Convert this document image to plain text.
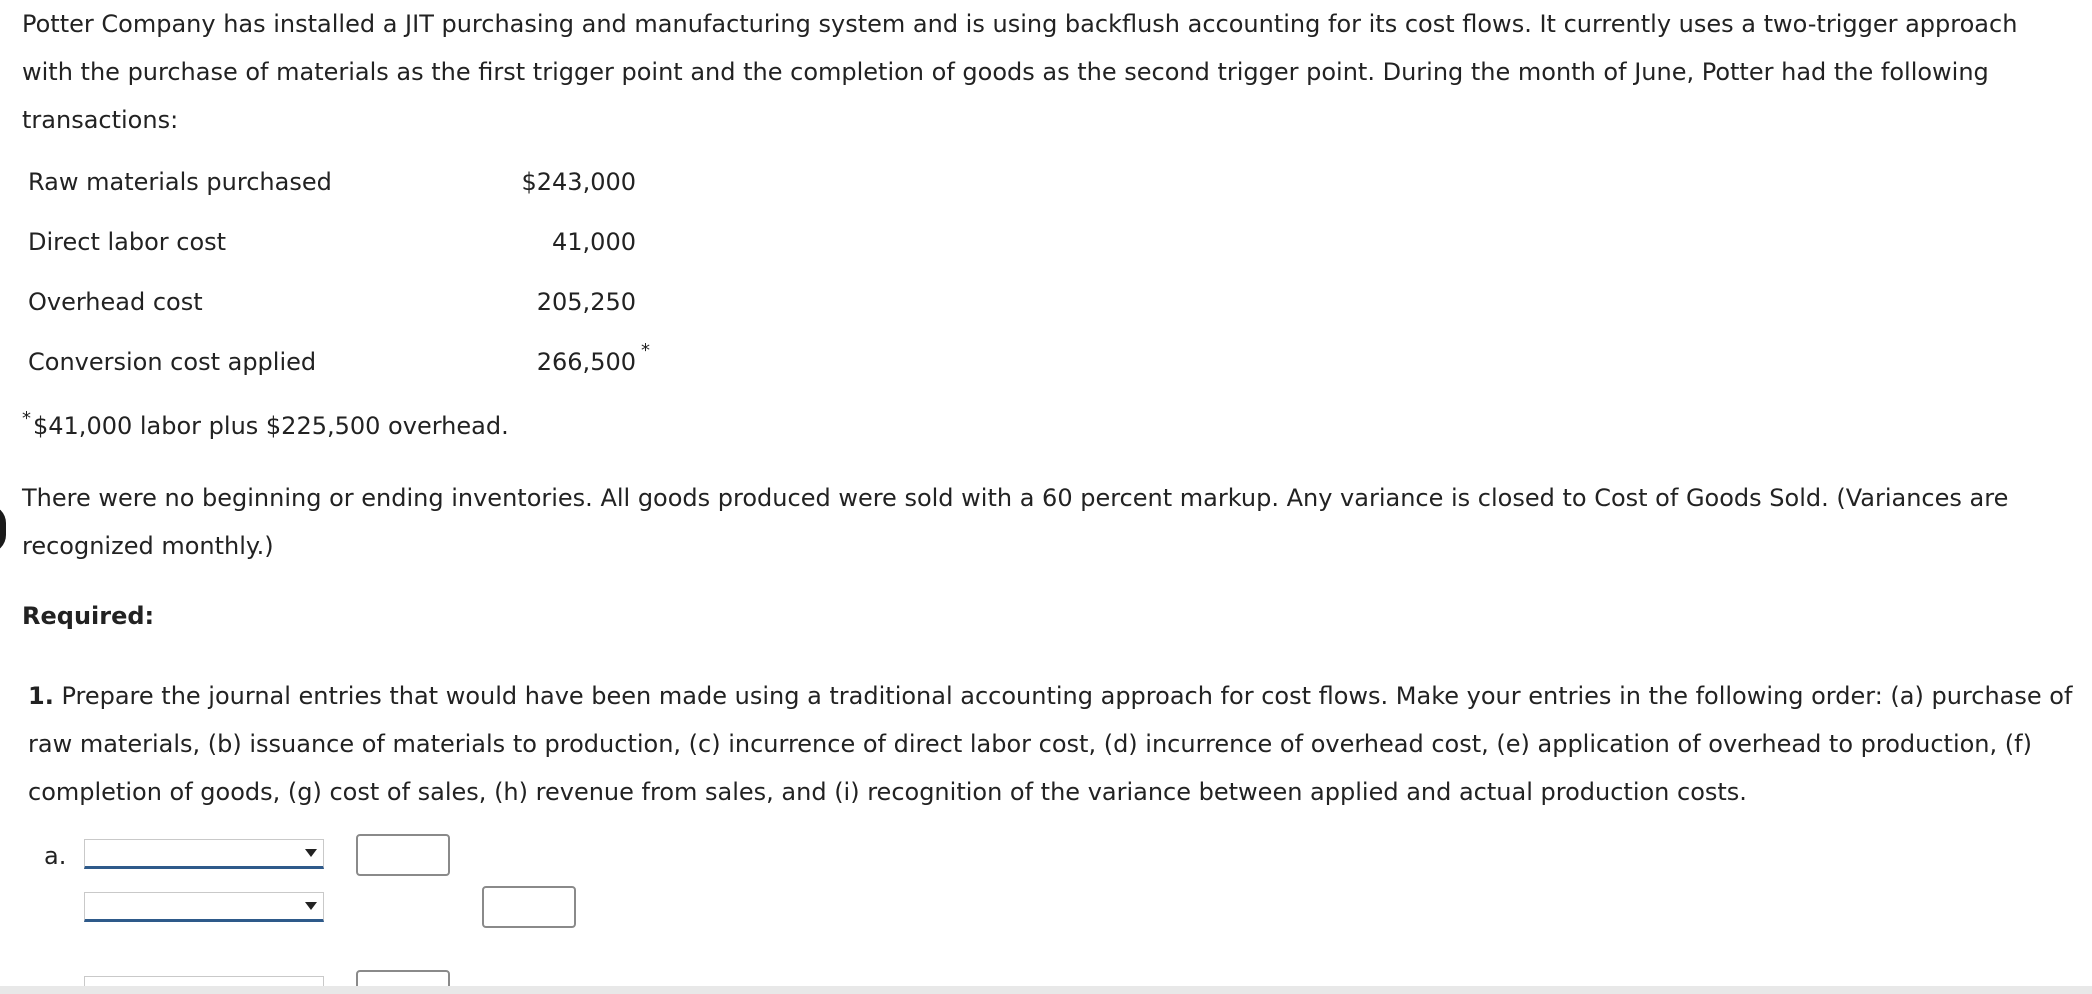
Potter Company has installed a JIT purchasing and manufacturing system and is using backflush accounting for its cost flows. It currently uses a two-trigger approach with the purchase of materials as the first trigger point and the completion of goods as the second trigger point. During the month of June, Potter had the following transactions:

Raw materials purchased	$243,000

Direct labor cost	41,000

Overhead cost	205,250

Conversion cost applied	266,500 *

*$41,000 labor plus $225,500 overhead.

There were no beginning or ending inventories. All goods produced were sold with a 60 percent markup. Any variance is closed to Cost of Goods Sold. (Variances are recognized monthly.)

Required:

1. Prepare the journal entries that would have been made using a traditional accounting approach for cost flows. Make your entries in the following order: (a) purchase of raw materials, (b) issuance of materials to production, (c) incurrence of direct labor cost, (d) incurrence of overhead cost, (e) application of overhead to production, (f) completion of goods, (g) cost of sales, (h) revenue from sales, and (i) recognition of the variance between applied and actual production costs.

a.
